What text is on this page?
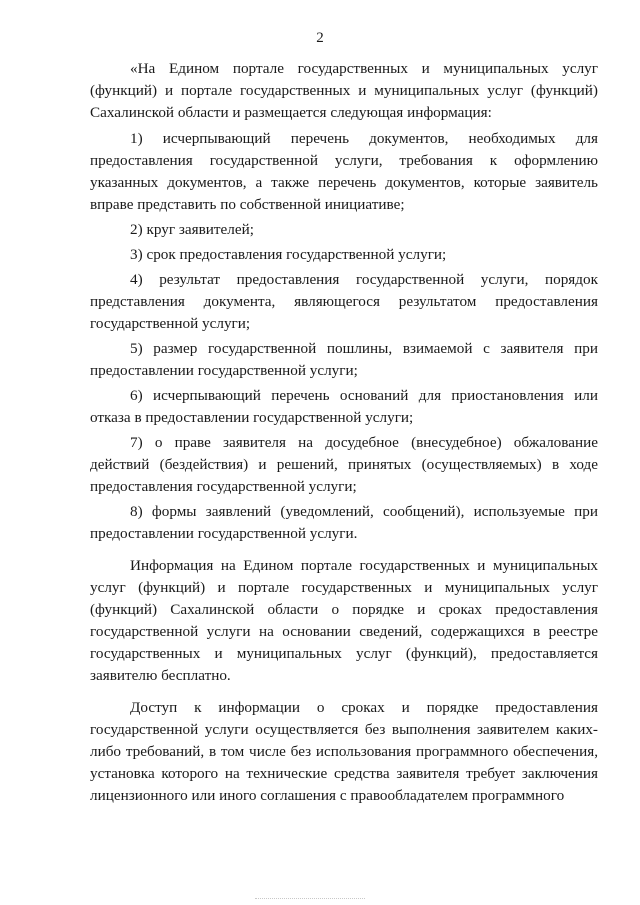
2

«На Едином портале государственных и муниципальных услуг (функций) и портале государственных и муниципальных услуг (функций) Сахалинской области и размещается следующая информация:

1) исчерпывающий перечень документов, необходимых для предоставления государственной услуги, требования к оформлению указанных документов, а также перечень документов, которые заявитель вправе представить по собственной инициативе;

2) круг заявителей;

3) срок предоставления государственной услуги;

4) результат предоставления государственной услуги, порядок представления документа, являющегося результатом предоставления государственной услуги;

5) размер государственной пошлины, взимаемой с заявителя при предоставлении государственной услуги;

6) исчерпывающий перечень оснований для приостановления или отказа в предоставлении государственной услуги;

7) о праве заявителя на досудебное (внесудебное) обжалование действий (бездействия) и решений, принятых (осуществляемых) в ходе предоставления государственной услуги;

8) формы заявлений (уведомлений, сообщений), используемые при предоставлении государственной услуги.

Информация на Едином портале государственных и муниципальных услуг (функций) и портале государственных и муниципальных услуг (функций) Сахалинской области о порядке и сроках предоставления государственной услуги на основании сведений, содержащихся в реестре государственных и муниципальных услуг (функций), предоставляется заявителю бесплатно.

Доступ к информации о сроках и порядке предоставления государственной услуги осуществляется без выполнения заявителем каких-либо требований, в том числе без использования программного обеспечения, установка которого на технические средства заявителя требует заключения лицензионного или иного соглашения с правообладателем программного
